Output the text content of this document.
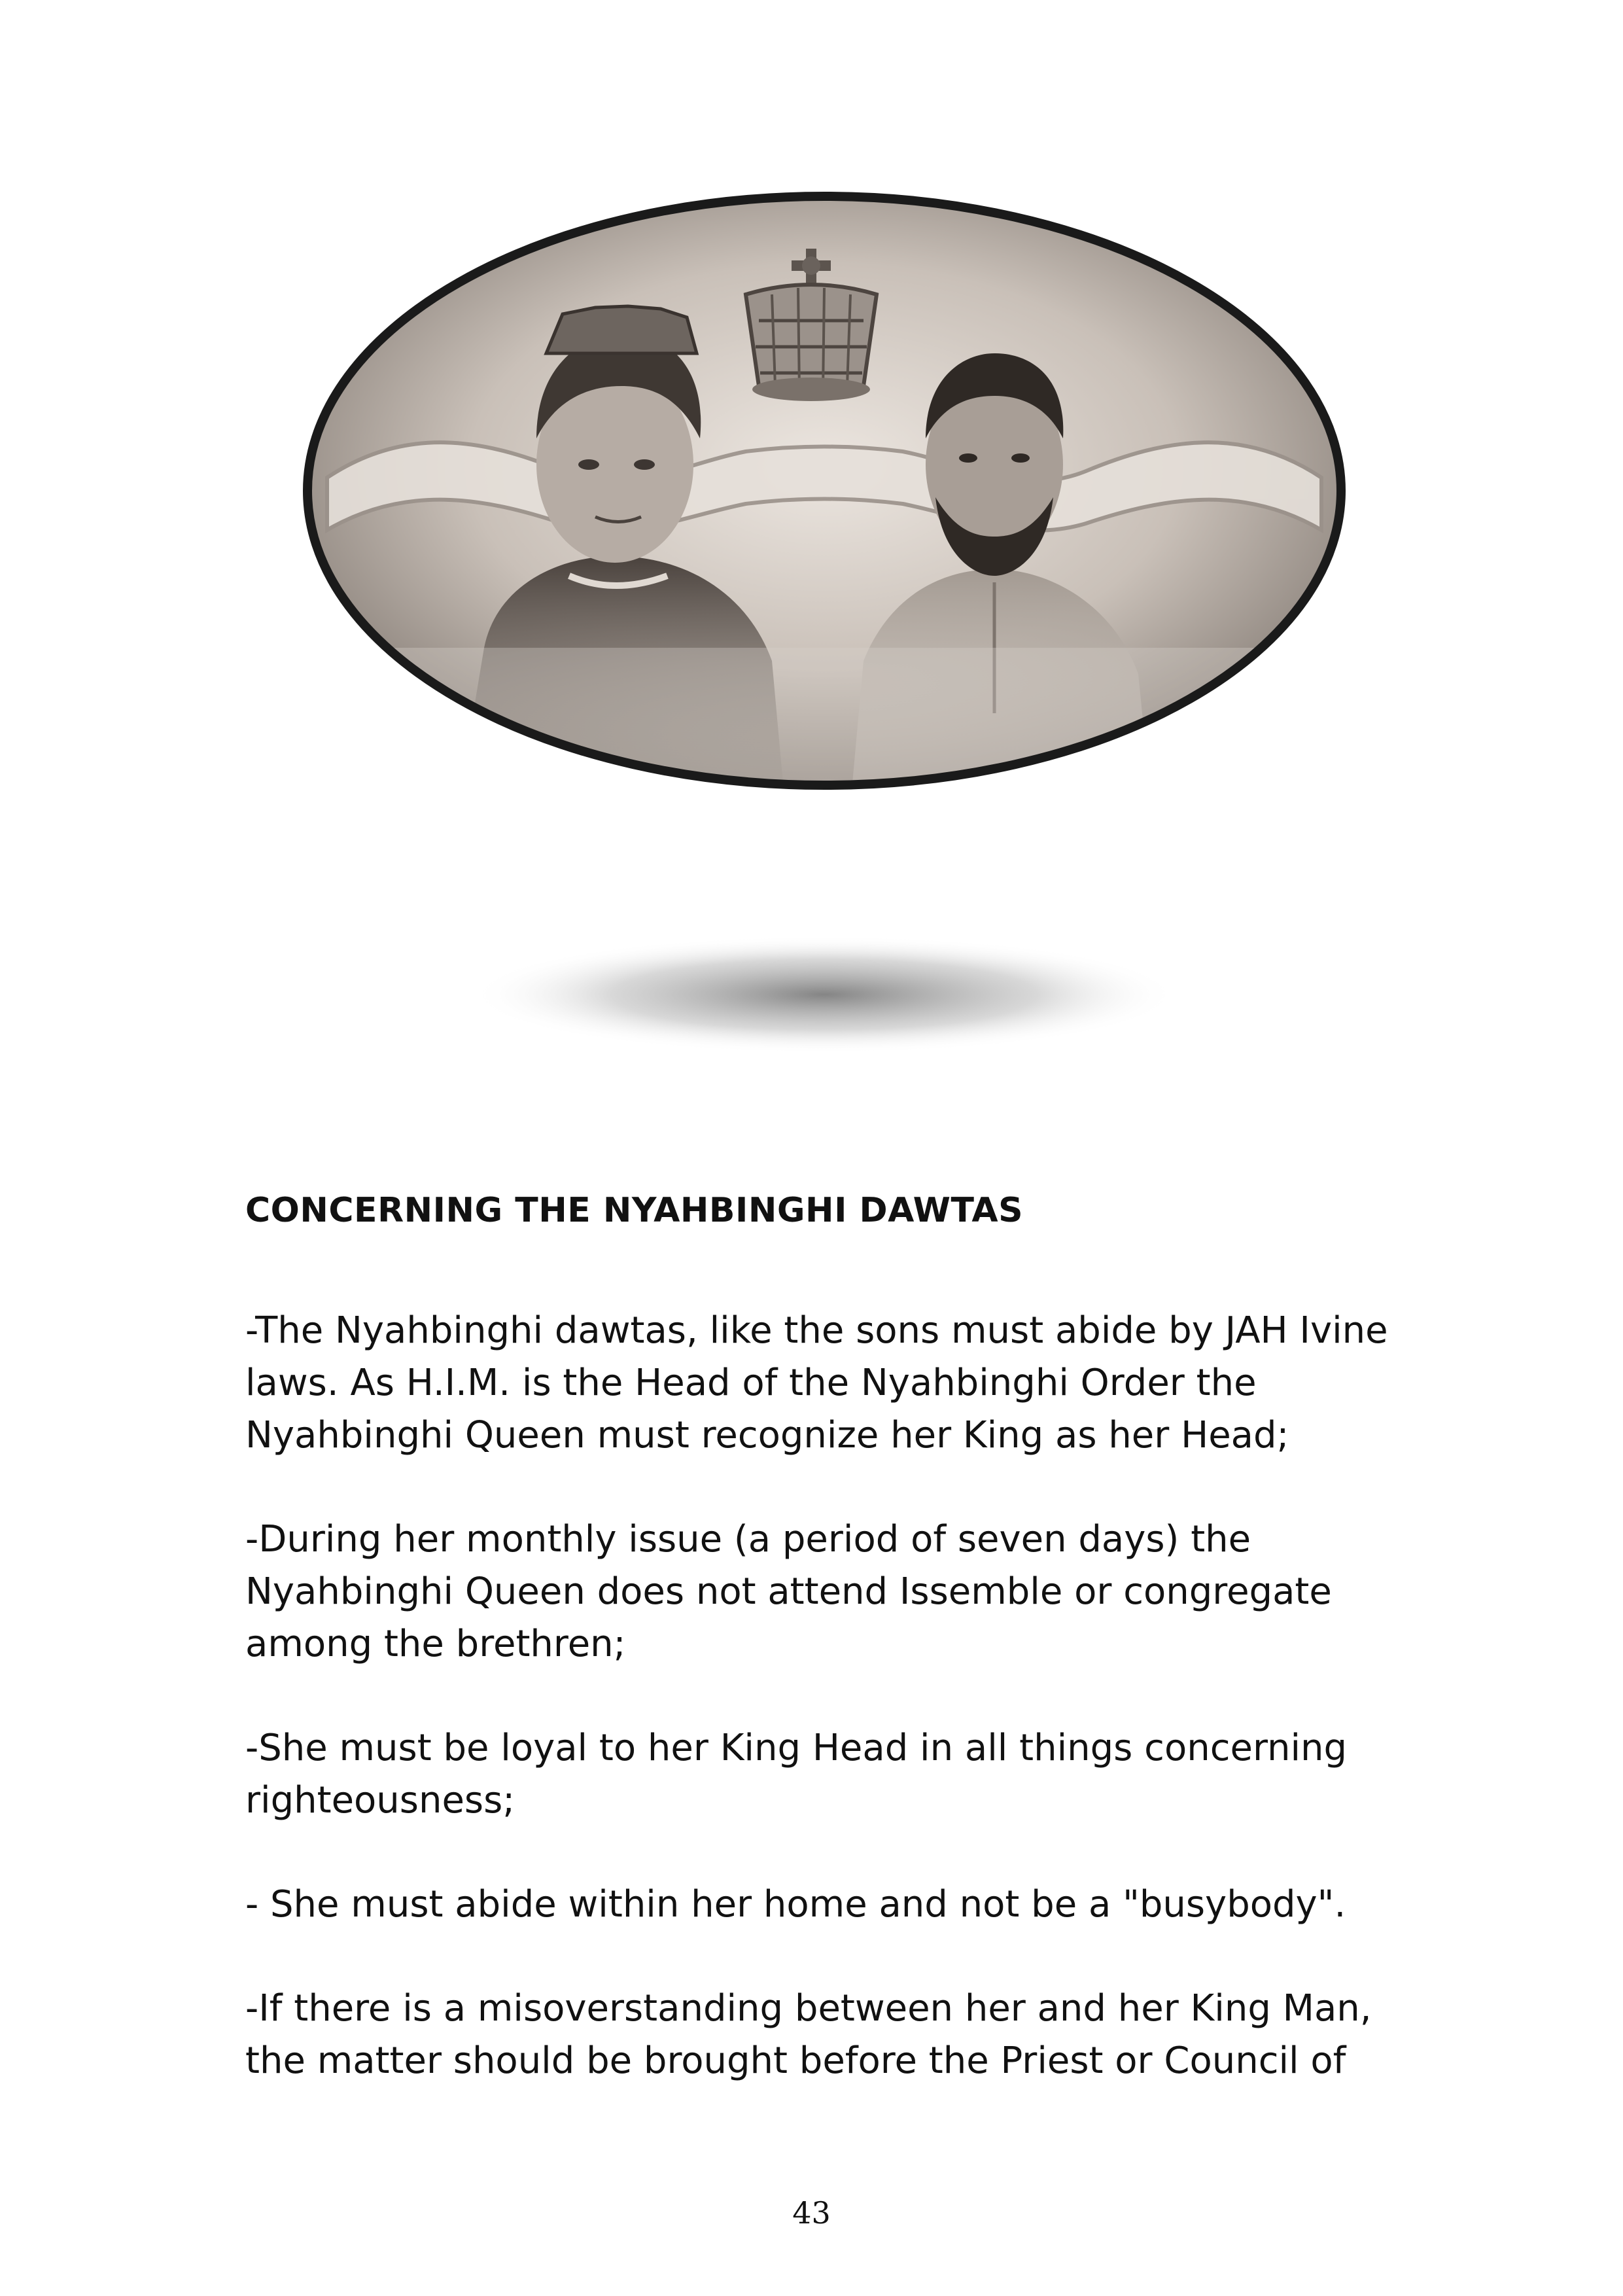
CONCERNING THE NYAHBINGHI DAWTAS

-The Nyahbinghi dawtas, like the sons must abide by JAH Ivine laws. As H.I.M. is the Head of the Nyahbinghi Order the Nyahbinghi Queen must recognize her King as her Head;

-During her monthly issue (a period of seven days) the Nyahbinghi Queen does not attend Issemble or congregate among the brethren;

-She must be loyal to her King Head in all things concerning righteousness;

- She must abide within her home and not be a "busybody".

-If there is a misoverstanding between her and her King Man, the matter should be brought before the Priest or Council of

43
